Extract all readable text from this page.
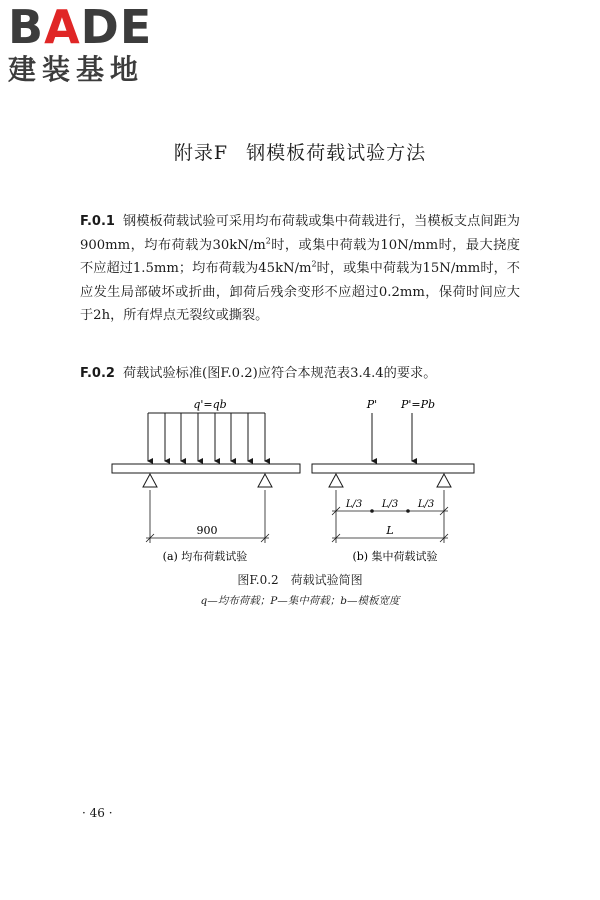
BADE
建装基地
附录F 钢模板荷载试验方法
F.0.1 钢模板荷载试验可采用均布荷载或集中荷载进行，当模板支点间距为900mm，均布荷载为$30kN/m^2$时，或集中荷载为10N/mm时，最大挠度不应超过1.5mm；均布荷载为$45kN/m^2$时，或集中荷载为15N/mm时，不应发生局部破坏或折曲，卸荷后残余变形不应超过0.2mm，保荷时间应大于2h，所有焊点无裂纹或撕裂。
F.0.2 荷载试验标准(图F.0.2)应符合本规范表3.4.4的要求。
q'=qb
900
(a) 均布荷载试验
P' P'=Pb
L/3 L/3 L/3
L
(b) 集中荷载试验
图F.0.2　荷载试验简图
q—均布荷载；P—集中荷载；b—模板宽度
· 46 ·
